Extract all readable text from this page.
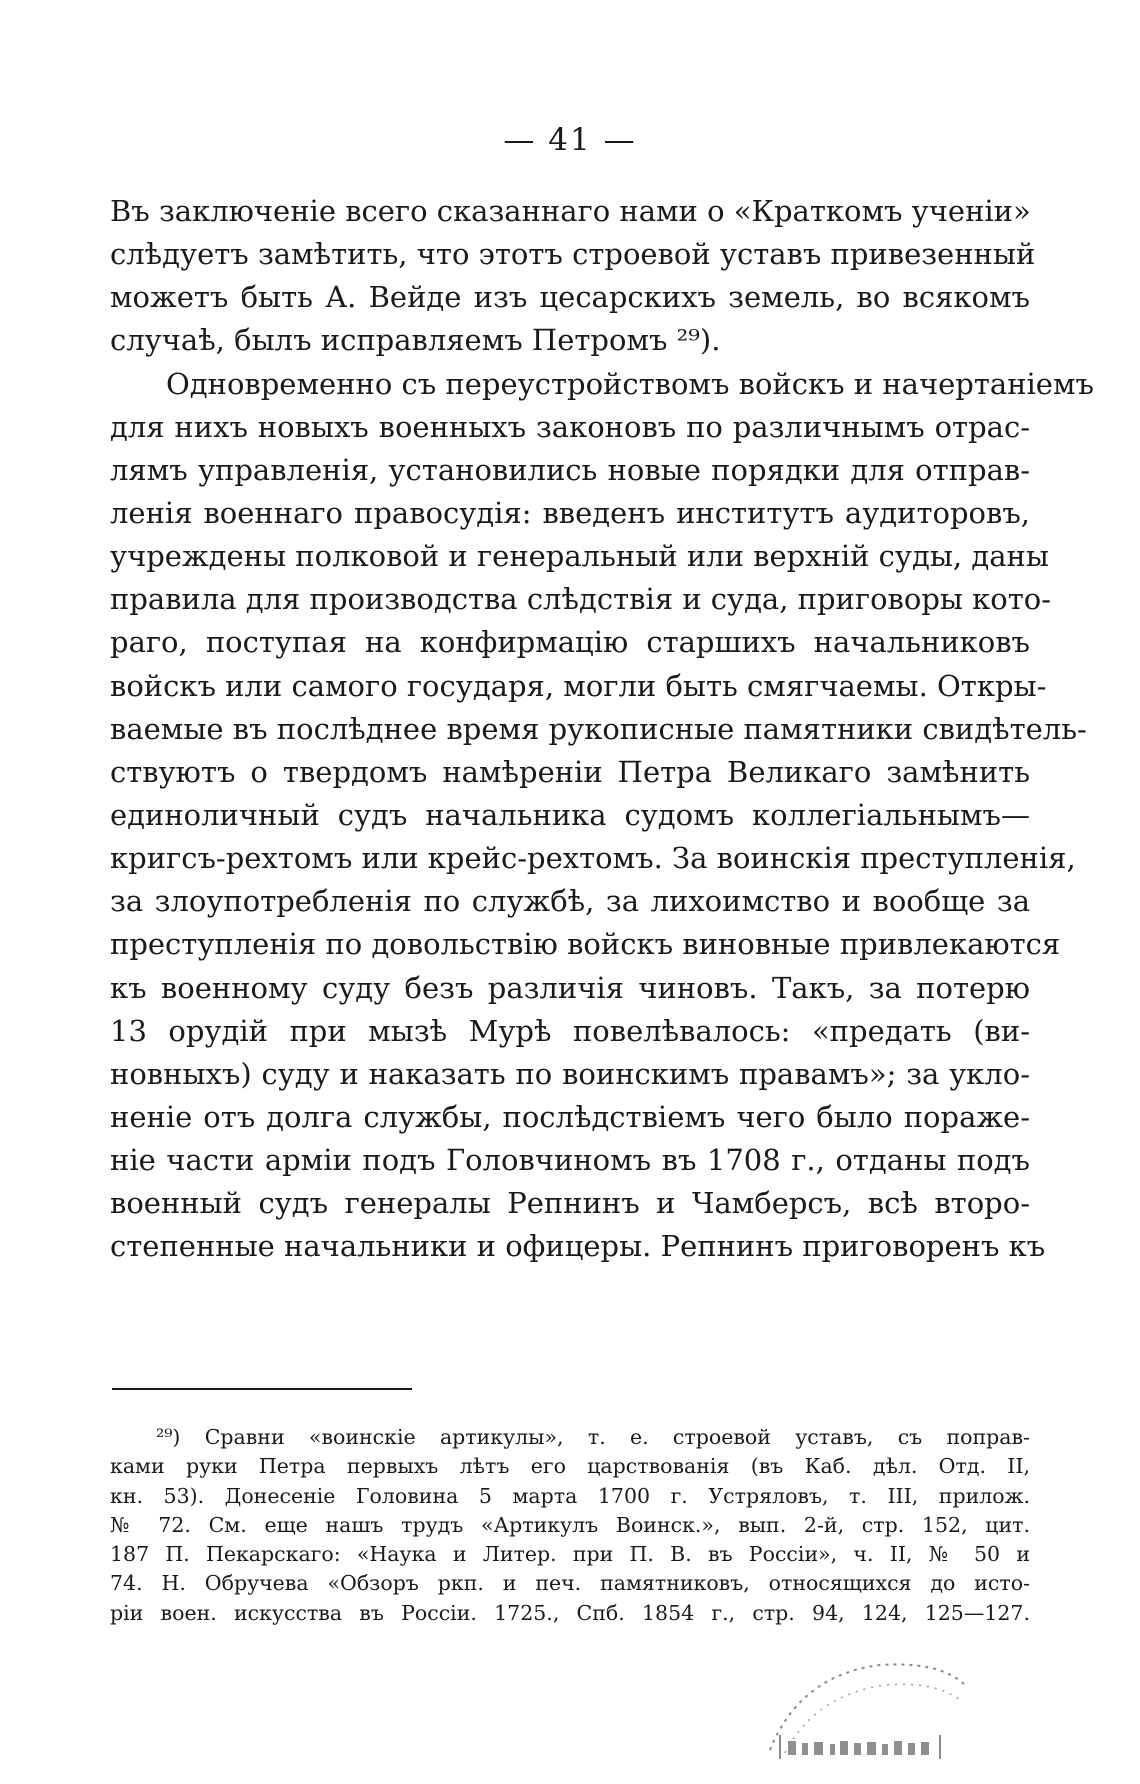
— 41 —
Въ заключеніе всего сказаннаго нами о «Краткомъ ученіи»
слѣдуетъ замѣтить, что этотъ строевой уставъ привезенный
можетъ быть А. Вейде изъ цесарскихъ земель, во всякомъ
случаѣ, былъ исправляемъ Петромъ ²⁹).
Одновременно съ переустройствомъ войскъ и начертаніемъ
для нихъ новыхъ военныхъ законовъ по различнымъ отрас-
лямъ управленія, установились новые порядки для отправ-
ленія военнаго правосудія: введенъ институтъ аудиторовъ,
учреждены полковой и генеральный или верхній суды, даны
правила для производства слѣдствія и суда, приговоры кото-
раго, поступая на конфирмацію старшихъ начальниковъ
войскъ или самого государя, могли быть смягчаемы. Откры-
ваемые въ послѣднее время рукописные памятники свидѣтель-
ствуютъ о твердомъ намѣреніи Петра Великаго замѣнить
единоличный судъ начальника судомъ коллегіальнымъ—
кригсъ-рехтомъ или крейс-рехтомъ. За воинскія преступленія,
за злоупотребленія по службѣ, за лихоимство и вообще за
преступленія по довольствію войскъ виновные привлекаются
къ военному суду безъ различія чиновъ. Такъ, за потерю
13 орудій при мызѣ Мурѣ повелѣвалось: «предать (ви-
новныхъ) суду и наказать по воинскимъ правамъ»; за укло-
неніе отъ долга службы, послѣдствіемъ чего было пораже-
ніе части арміи подъ Головчиномъ въ 1708 г., отданы подъ
военный судъ генералы Репнинъ и Чамберсъ, всѣ второ-
степенные начальники и офицеры. Репнинъ приговоренъ къ
²⁹) Сравни «воинскіе артикулы», т. е. строевой уставъ, съ поправ-
ками руки Петра первыхъ лѣтъ его царствованія (въ Каб. дѣл. Отд. II,
кн. 53). Донесеніе Головина 5 марта 1700 г. Устряловъ, т. III, прилож.
№ 72. См. еще нашъ трудъ «Артикулъ Воинск.», вып. 2-й, стр. 152, цит.
187 П. Пекарскаго: «Наука и Литер. при П. В. въ Россіи», ч. II, № 50 и
74. Н. Обручева «Обзоръ ркп. и печ. памятниковъ, относящихся до исто-
ріи воен. искусства въ Россіи. 1725., Спб. 1854 г., стр. 94, 124, 125—127.
